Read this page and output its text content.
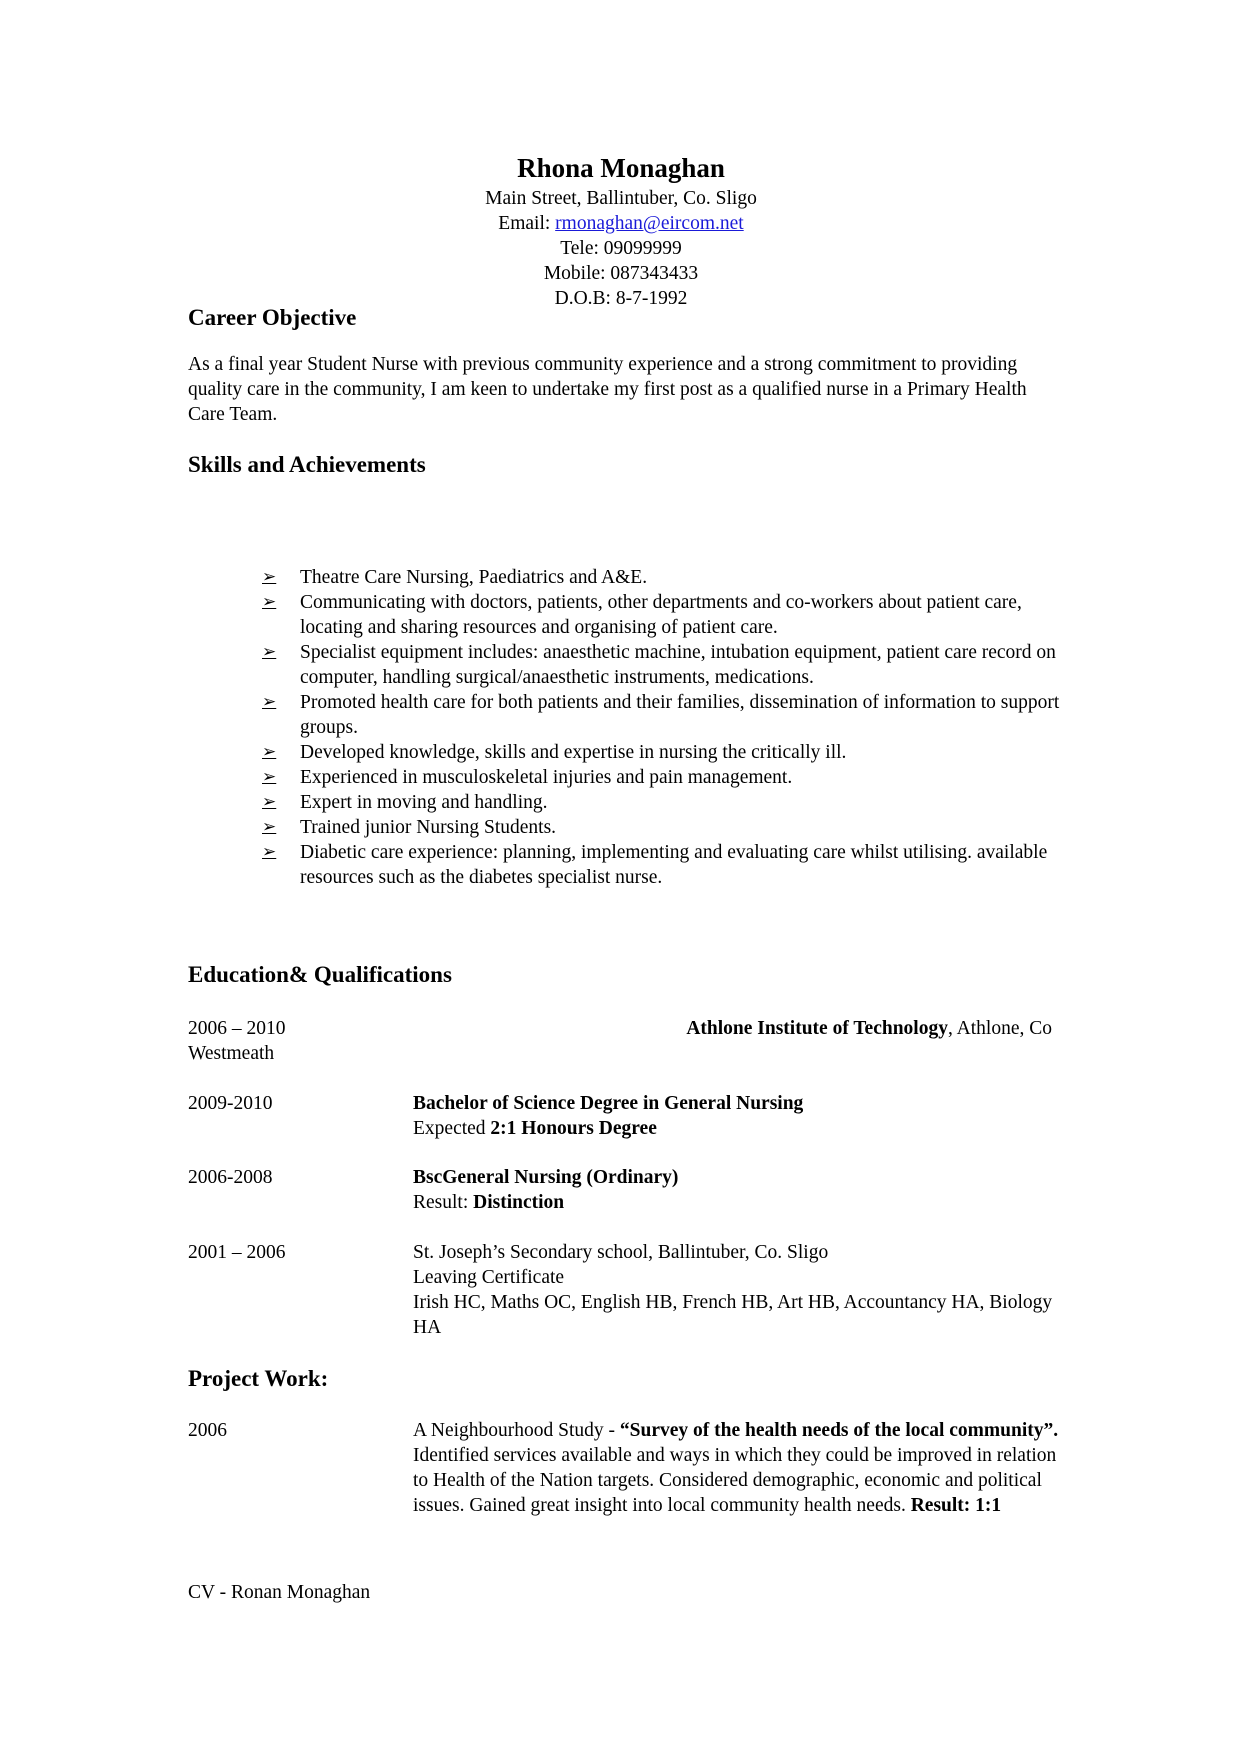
Rhona Monaghan
Main Street, Ballintuber, Co. Sligo
Email: rmonaghan@eircom.net
Tele: 09099999
Mobile: 087343433
D.O.B: 8-7-1992
Career Objective
As a final year Student Nurse with previous community experience and a strong commitment to providing quality care in the community, I am keen to undertake my first post as a qualified nurse in a Primary Health Care Team.
Skills and Achievements
➢	Theatre Care Nursing, Paediatrics and A&E.
➢	Communicating with doctors, patients, other departments and co-workers about patient care, locating and sharing resources and organising of patient care.
➢	Specialist equipment includes: anaesthetic machine, intubation equipment, patient care record on computer, handling surgical/anaesthetic instruments, medications.
➢	Promoted health care for both patients and their families, dissemination of information to support groups.
➢	Developed knowledge, skills and expertise in nursing the critically ill.
➢	Experienced in musculoskeletal injuries and pain management.
➢	Expert in moving and handling.
➢	Trained junior Nursing Students.
➢	Diabetic care experience: planning, implementing and evaluating care whilst utilising. available resources such as the diabetes specialist nurse.
Education& Qualifications
2006 – 2010	Athlone Institute of Technology, Athlone, Co
Westmeath
2009-2010	Bachelor of Science Degree in General Nursing
Expected 2:1 Honours Degree
2006-2008	BscGeneral Nursing (Ordinary)
Result: Distinction
2001 – 2006	St. Joseph’s Secondary school, Ballintuber, Co. Sligo
Leaving Certificate
Irish HC, Maths OC, English HB, French HB, Art HB, Accountancy HA, Biology HA
Project Work:
2006	A Neighbourhood Study - “Survey of the health needs of the local community”. Identified services available and ways in which they could be improved in relation to Health of the Nation targets. Considered demographic, economic and political issues. Gained great insight into local community health needs. Result: 1:1
CV - Ronan Monaghan
